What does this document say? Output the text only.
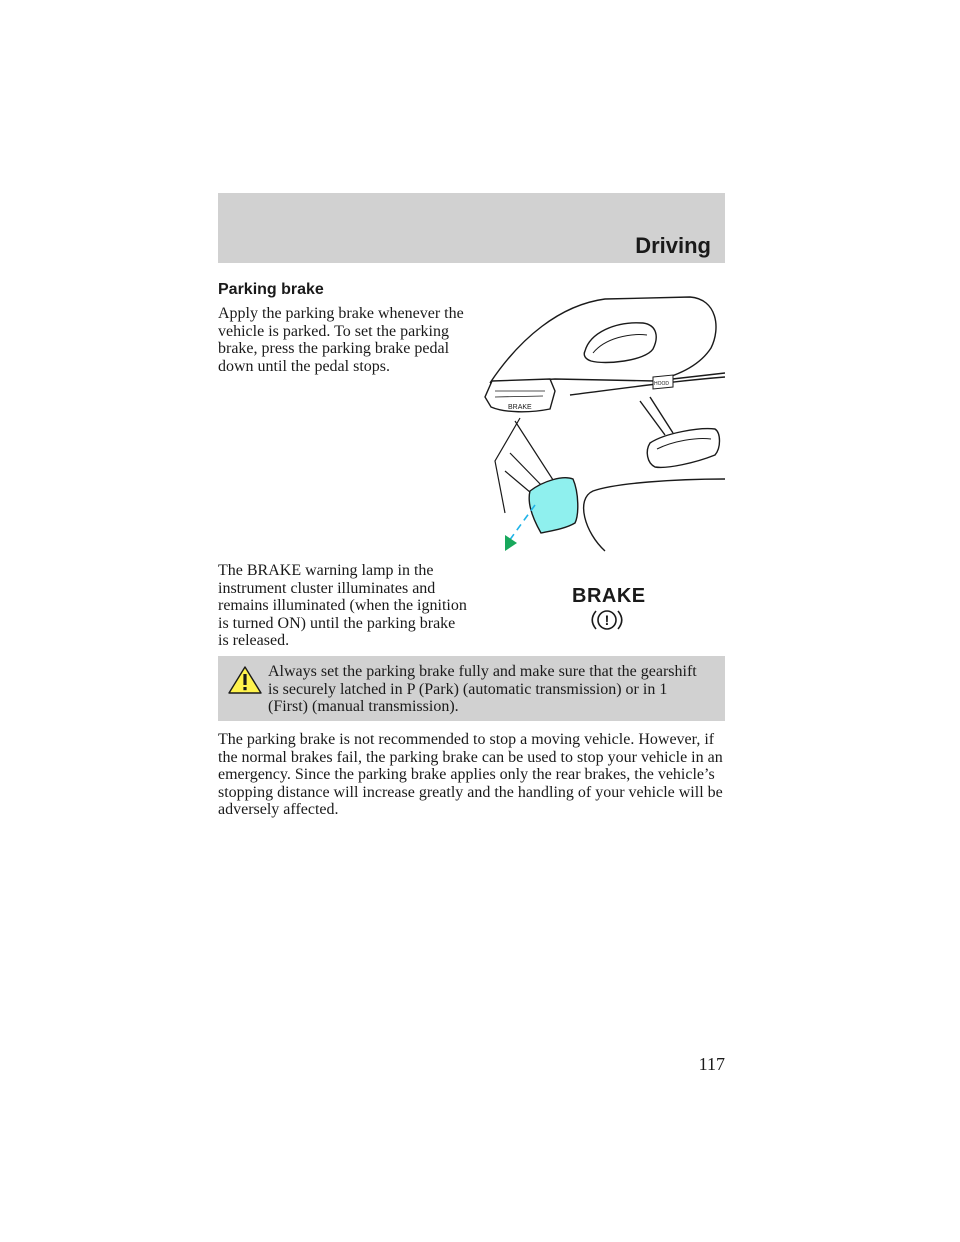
Driving
Parking brake
Apply the parking brake whenever the vehicle is parked. To set the parking brake, press the parking brake pedal down until the pedal stops.
BRAKE
HOOD
The BRAKE warning lamp in the instrument cluster illuminates and remains illuminated (when the ignition is turned ON) until the parking brake is released.
BRAKE
!
Always set the parking brake fully and make sure that the gearshift is securely latched in P (Park) (automatic transmission) or in 1 (First) (manual transmission).
The parking brake is not recommended to stop a moving vehicle. However, if the normal brakes fail, the parking brake can be used to stop your vehicle in an emergency. Since the parking brake applies only the rear brakes, the vehicle’s stopping distance will increase greatly and the handling of your vehicle will be adversely affected.
117
